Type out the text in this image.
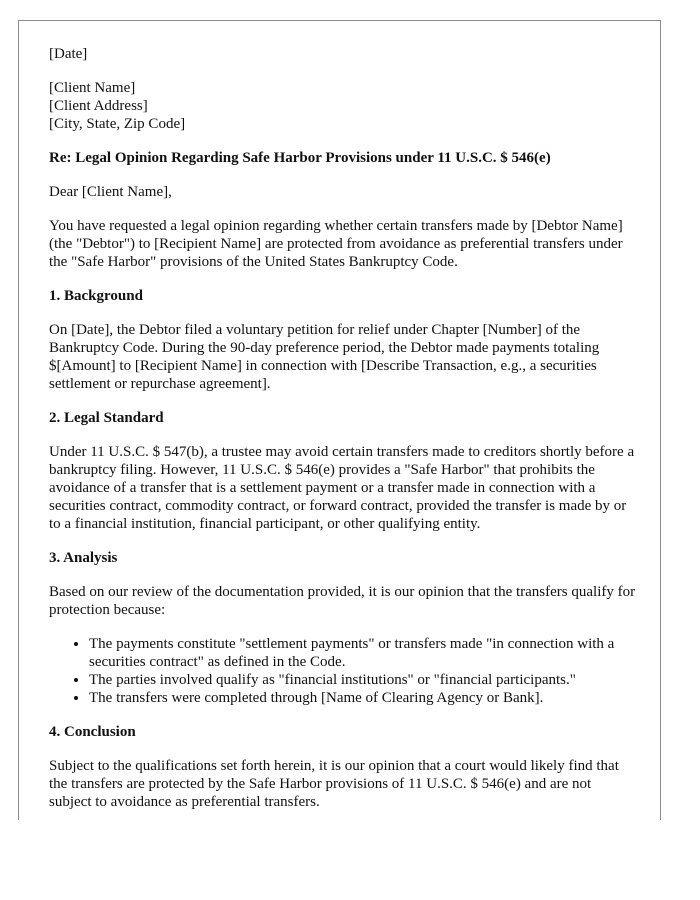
[Date]

[Client Name]

[Client Address]

[City, State, Zip Code]

Re: Legal Opinion Regarding Safe Harbor Provisions under 11 U.S.C. $ 546(e)

Dear [Client Name],

You have requested a legal opinion regarding whether certain transfers made by [Debtor Name] (the "Debtor") to [Recipient Name] are protected from avoidance as preferential transfers under the "Safe Harbor" provisions of the United States Bankruptcy Code.

1. Background

On [Date], the Debtor filed a voluntary petition for relief under Chapter [Number] of the Bankruptcy Code. During the 90-day preference period, the Debtor made payments totaling $[Amount] to [Recipient Name] in connection with [Describe Transaction, e.g., a securities settlement or repurchase agreement].

2. Legal Standard

Under 11 U.S.C. $ 547(b), a trustee may avoid certain transfers made to creditors shortly before a bankruptcy filing. However, 11 U.S.C. $ 546(e) provides a "Safe Harbor" that prohibits the avoidance of a transfer that is a settlement payment or a transfer made in connection with a securities contract, commodity contract, or forward contract, provided the transfer is made by or to a financial institution, financial participant, or other qualifying entity.

3. Analysis

Based on our review of the documentation provided, it is our opinion that the transfers qualify for protection because:

• The payments constitute "settlement payments" or transfers made "in connection with a securities contract" as defined in the Code.
• The parties involved qualify as "financial institutions" or "financial participants."
• The transfers were completed through [Name of Clearing Agency or Bank].
4. Conclusion

Subject to the qualifications set forth herein, it is our opinion that a court would likely find that the transfers are protected by the Safe Harbor provisions of 11 U.S.C. $ 546(e) and are not subject to avoidance as preferential transfers.
